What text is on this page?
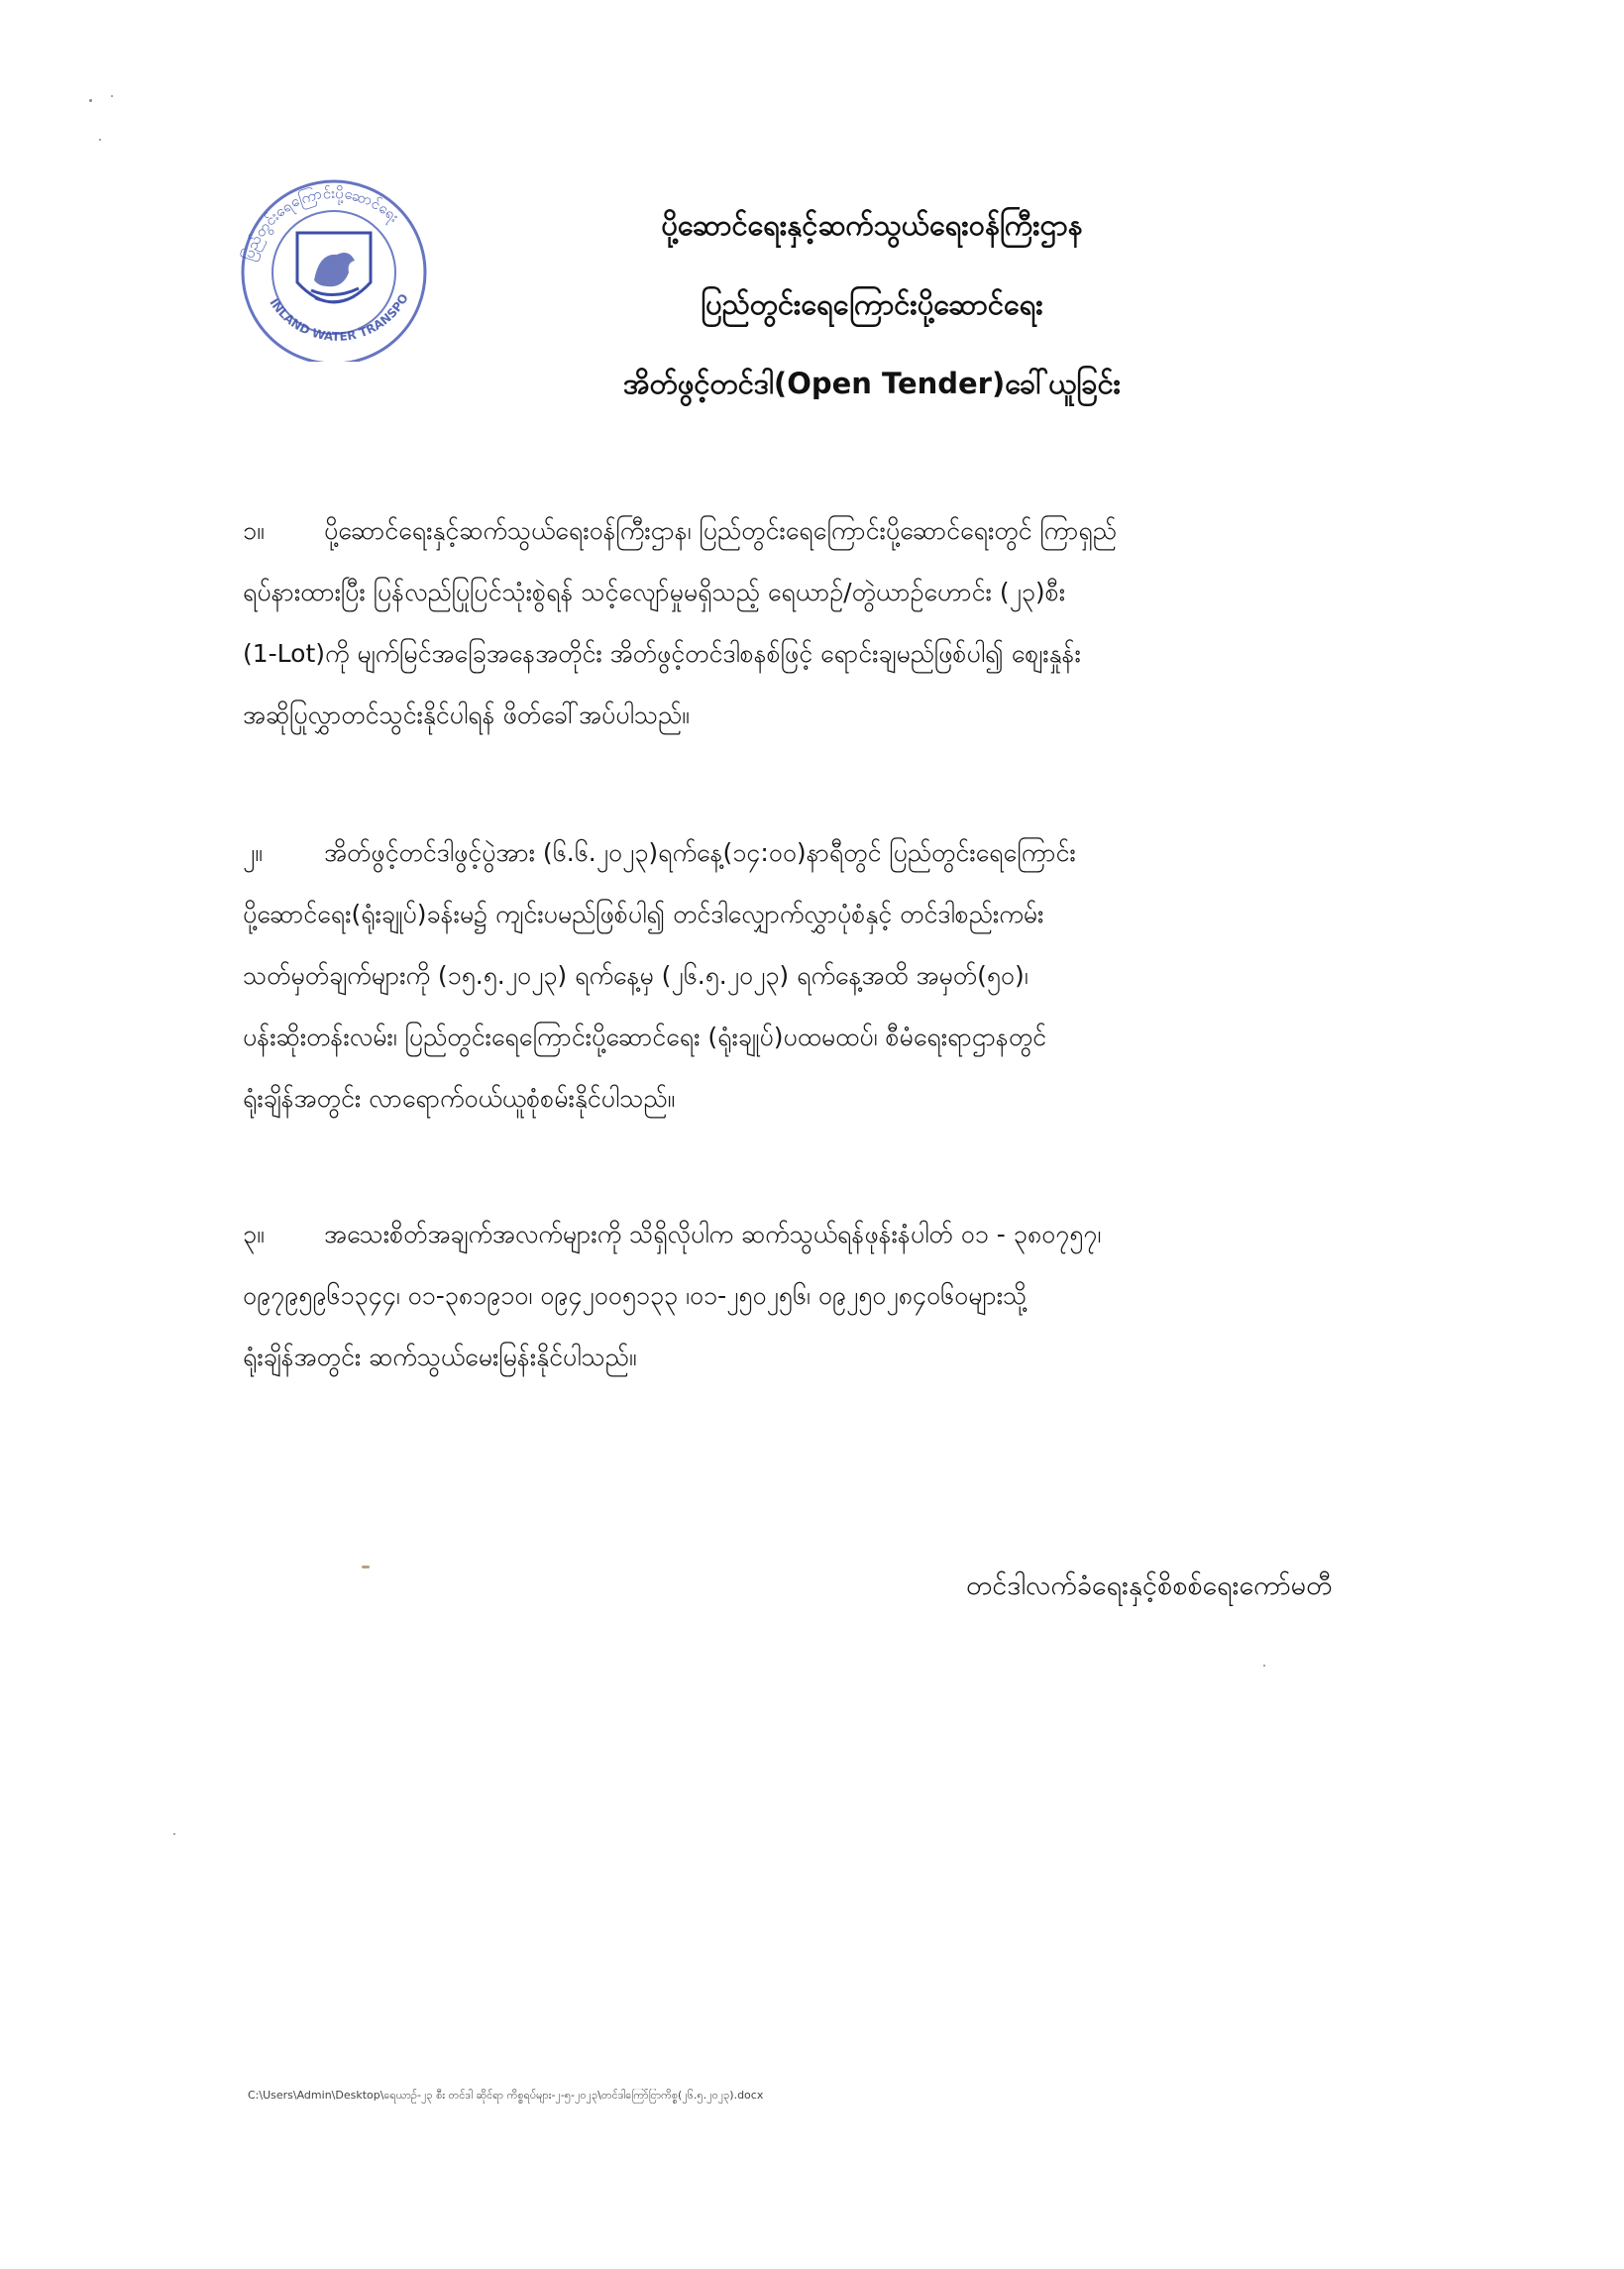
ပြည်တွင်းရေကြောင်းပို့ဆောင်ရေး
INLAND WATER TRANSPO
ပို့ဆောင်ရေးနှင့်ဆက်သွယ်ရေးဝန်ကြီးဌာန
ပြည်တွင်းရေကြောင်းပို့ဆောင်ရေး
အိတ်ဖွင့်တင်ဒါ(Open Tender)ခေါ်ယူခြင်း
၁။ ပို့ဆောင်ရေးနှင့်ဆက်သွယ်ရေးဝန်ကြီးဌာန၊ ပြည်တွင်းရေကြောင်းပို့ဆောင်ရေးတွင် ကြာရှည်
ရပ်နားထားပြီး ပြန်လည်ပြုပြင်သုံးစွဲရန် သင့်လျော်မှုမရှိသည့် ရေယာဉ်/တွဲယာဉ်ဟောင်း (၂၃)စီး
(1-Lot)ကို မျက်မြင်အခြေအနေအတိုင်း အိတ်ဖွင့်တင်ဒါစနစ်ဖြင့် ရောင်းချမည်ဖြစ်ပါ၍ စျေးနှုန်း
အဆိုပြုလွှာတင်သွင်းနိုင်ပါရန် ဖိတ်ခေါ်အပ်ပါသည်။
၂။ အိတ်ဖွင့်တင်ဒါဖွင့်ပွဲအား (၆.၆.၂၀၂၃)ရက်နေ့(၁၄:၀၀)နာရီတွင် ပြည်တွင်းရေကြောင်း
ပို့ဆောင်ရေး(ရုံးချုပ်)ခန်းမ၌ ကျင်းပမည်ဖြစ်ပါ၍ တင်ဒါလျှောက်လွှာပုံစံနှင့် တင်ဒါစည်းကမ်း
သတ်မှတ်ချက်များကို (၁၅.၅.၂၀၂၃) ရက်နေ့မှ (၂၆.၅.၂၀၂၃) ရက်နေ့အထိ အမှတ်(၅၀)၊
ပန်းဆိုးတန်းလမ်း၊ ပြည်တွင်းရေကြောင်းပို့ဆောင်ရေး (ရုံးချုပ်)ပထမထပ်၊ စီမံရေးရာဌာနတွင်
ရုံးချိန်အတွင်း လာရောက်ဝယ်ယူစုံစမ်းနိုင်ပါသည်။
၃။ အသေးစိတ်အချက်အလက်များကို သိရှိလိုပါက ဆက်သွယ်ရန်ဖုန်းနံပါတ် ၀၁ - ၃၈၀၇၅၇၊
၀၉၇၉၅၉၆၁၃၄၄၊ ၀၁-၃၈၁၉၁၀၊ ၀၉၄၂၀၀၅၁၃၃ ၊၀၁-၂၅၀၂၅၆၊ ၀၉၂၅၀၂၈၄၀၆၀များသို့
ရုံးချိန်အတွင်း ဆက်သွယ်မေးမြန်းနိုင်ပါသည်။
တင်ဒါလက်ခံရေးနှင့်စိစစ်ရေးကော်မတီ
C:\Users\Admin\Desktop\ရေယာဉ်-၂၃ စီး တင်ဒါ ဆိုင်ရာ ကိစ္စရပ်များ-၂-၅-၂၀၂၃\တင်ဒါကြော်ငြာကိစ္စ(၂၆.၅.၂၀၂၃).docx
